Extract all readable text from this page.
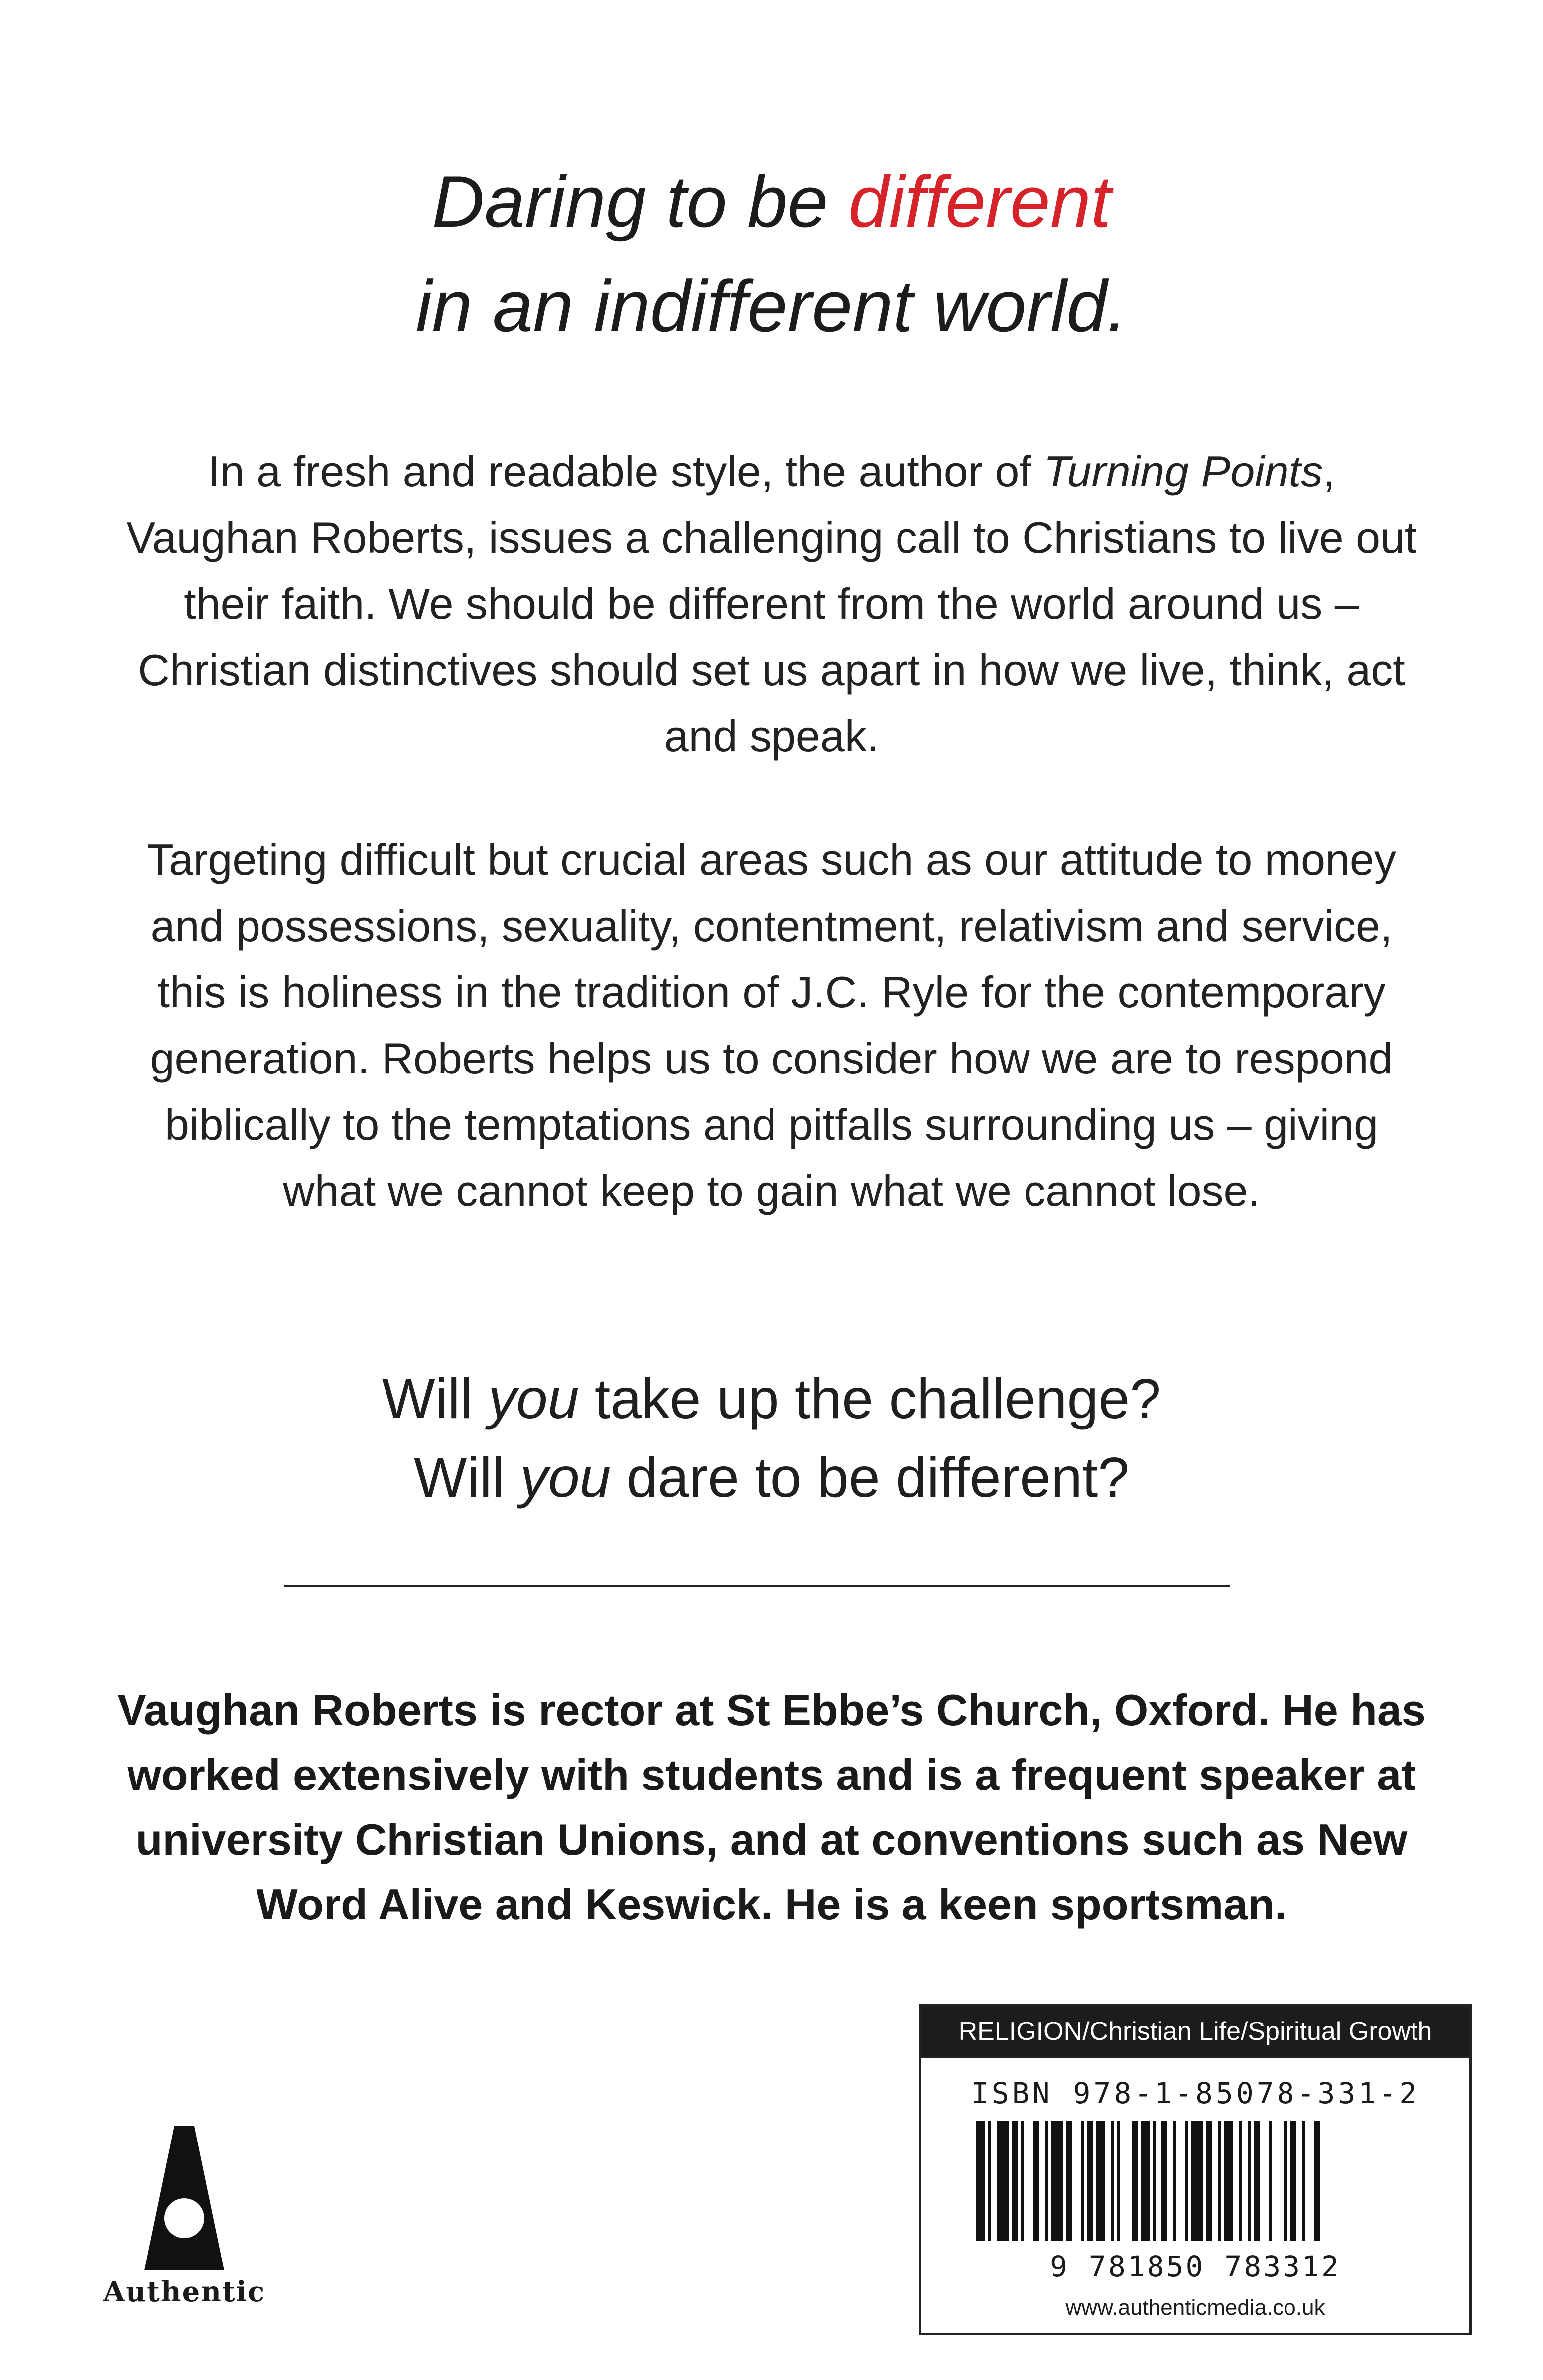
Daring to be different
in an indifferent world.
In a fresh and readable style, the author of Turning Points, Vaughan Roberts, issues a challenging call to Christians to live out their faith. We should be different from the world around us – Christian distinctives should set us apart in how we live, think, act and speak.
Targeting difficult but crucial areas such as our attitude to money and possessions, sexuality, contentment, relativism and service, this is holiness in the tradition of J.C. Ryle for the contemporary generation. Roberts helps us to consider how we are to respond biblically to the temptations and pitfalls surrounding us – giving what we cannot keep to gain what we cannot lose.
Will you take up the challenge?
Will you dare to be different?
Vaughan Roberts is rector at St Ebbe’s Church, Oxford. He has worked extensively with students and is a frequent speaker at university Christian Unions, and at conventions such as New Word Alive and Keswick. He is a keen sportsman.
Authentic
RELIGION/Christian Life/Spiritual Growth
ISBN 978-1-85078-331-2
9 781850 783312
www.authenticmedia.co.uk
